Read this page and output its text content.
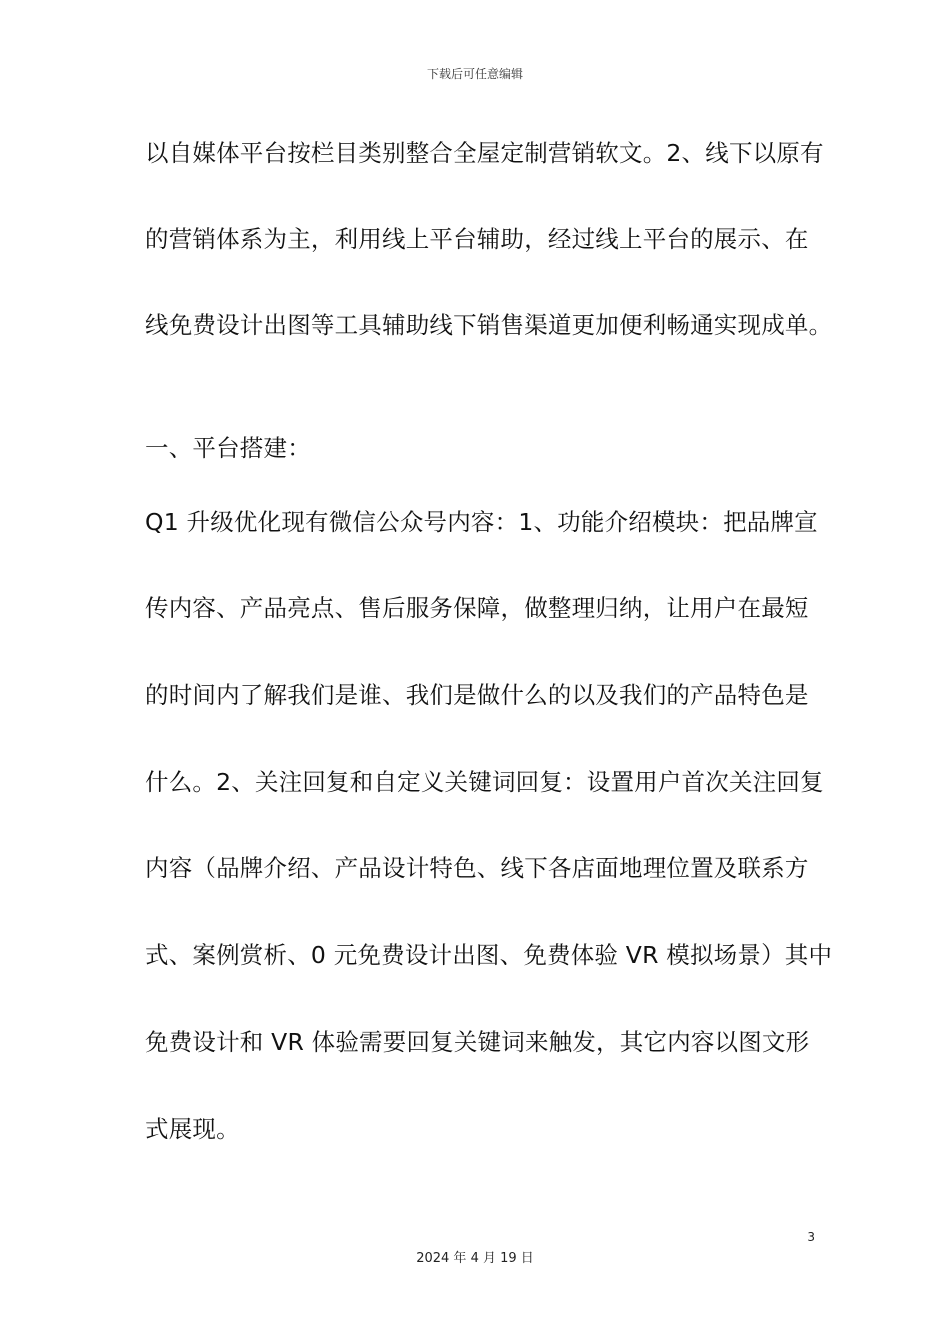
下载后可任意编辑
以自媒体平台按栏目类别整合全屋定制营销软文。2、线下以原有
的营销体系为主，利用线上平台辅助，经过线上平台的展示、在
线免费设计出图等工具辅助线下销售渠道更加便利畅通实现成单。
一、平台搭建：
Q1 升级优化现有微信公众号内容：1、功能介绍模块：把品牌宣
传内容、产品亮点、售后服务保障，做整理归纳，让用户在最短
的时间内了解我们是谁、我们是做什么的以及我们的产品特色是
什么。2、关注回复和自定义关键词回复：设置用户首次关注回复
内容（品牌介绍、产品设计特色、线下各店面地理位置及联系方
式、案例赏析、0 元免费设计出图、免费体验 VR 模拟场景）其中
免费设计和 VR 体验需要回复关键词来触发，其它内容以图文形
式展现。
3
2024 年 4 月 19 日
